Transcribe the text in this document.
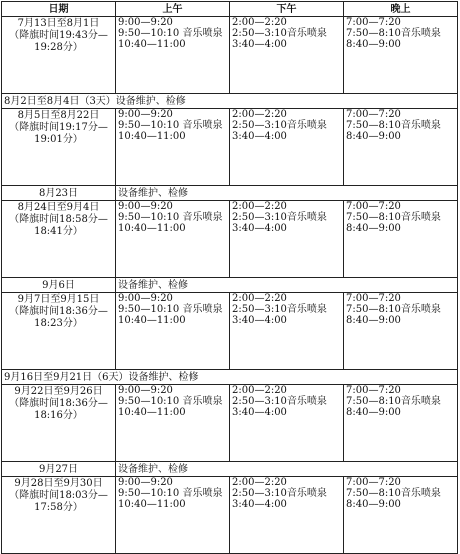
日期	上午	下午	晚上

7月13日至8月1日
（降旗时间19:43分—19:28分）	9:00—9:20
9:50—10:10 音乐喷泉
10:40—11:00	2:00—2:20
2:50—3:10音乐喷泉
3:40—4:00	7:00—7:20
7:50—8:10音乐喷泉
8:40—9:00

8月2日至8月4日（3天）设备维护、检修			

8月5日至8月22日
（降旗时间19:17分—19:01分）	9:00—9:20
9:50—10:10 音乐喷泉
10:40—11:00	2:00—2:20
2:50—3:10音乐喷泉
3:40—4:00	7:00—7:20
7:50—8:10音乐喷泉
8:40—9:00

8月23日	设备维护、检修		

8月24日至9月4日
（降旗时间18:58分—18:41分）	9:00—9:20
9:50—10:10 音乐喷泉
10:40—11:00	2:00—2:20
2:50—3:10音乐喷泉
3:40—4:00	7:00—7:20
7:50—8:10音乐喷泉
8:40—9:00

9月6日	设备维护、检修		

9月7日至9月15日
（降旗时间18:36分—18:23分）	9:00—9:20
9:50—10:10 音乐喷泉
10:40—11:00	2:00—2:20
2:50—3:10音乐喷泉
3:40—4:00	7:00—7:20
7:50—8:10音乐喷泉
8:40—9:00

9月16日至9月21日（6天）设备维护、检修			

9月22日至9月26日
（降旗时间18:36分—18:16分）	9:00—9:20
9:50—10:10 音乐喷泉
10:40—11:00	2:00—2:20
2:50—3:10音乐喷泉
3:40—4:00	7:00—7:20
7:50—8:10音乐喷泉
8:40—9:00

9月27日	设备维护、检修		

9月28日至9月30日
（降旗时间18:03分—17:58分）	9:00—9:20
9:50—10:10 音乐喷泉
10:40—11:00	2:00—2:20
2:50—3:10音乐喷泉
3:40—4:00	7:00—7:20
7:50—8:10音乐喷泉
8:40—9:00
